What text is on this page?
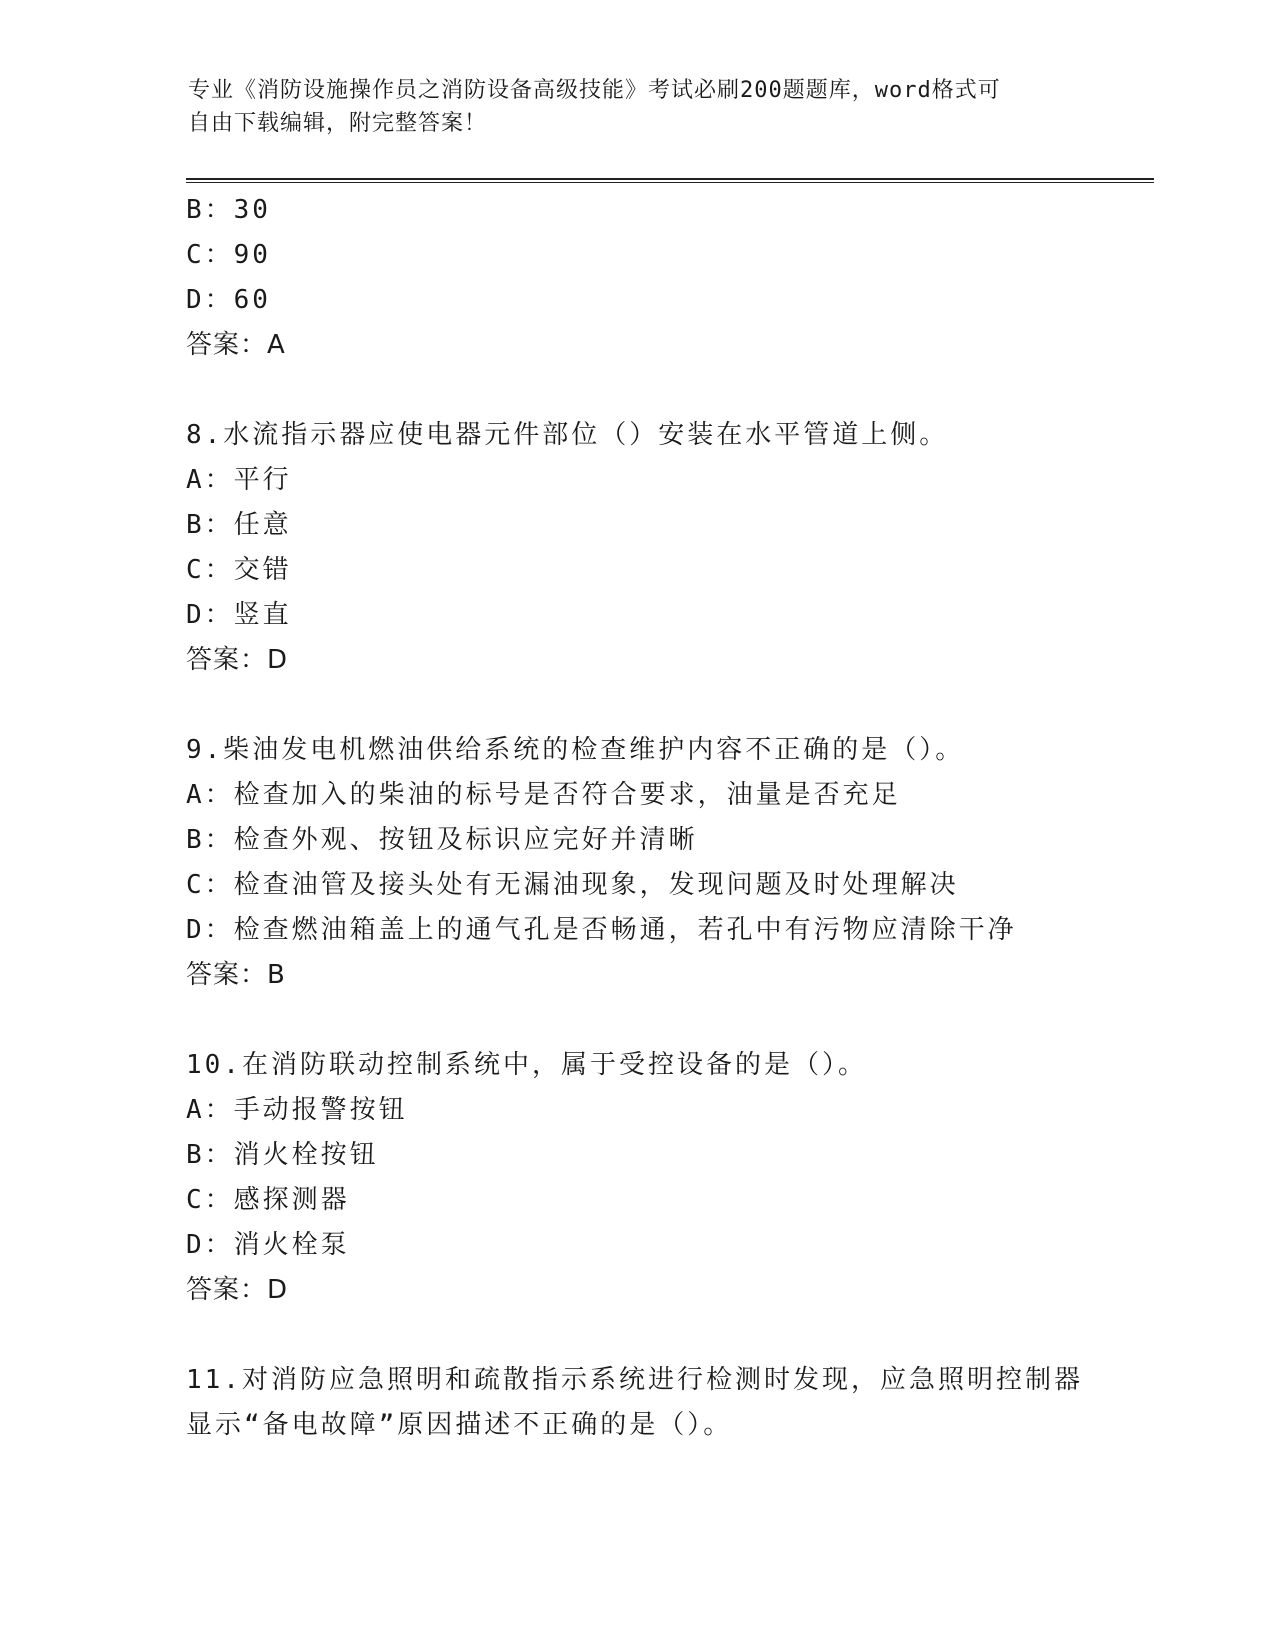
专业《消防设施操作员之消防设备高级技能》考试必刷200题题库，word格式可
自由下载编辑，附完整答案！
B：30
C：90
D：60
答案：A
8.水流指示器应使电器元件部位（）安装在水平管道上侧。
A：平行
B：任意
C：交错
D：竖直
答案：D
9.柴油发电机燃油供给系统的检查维护内容不正确的是（）。
A：检查加入的柴油的标号是否符合要求，油量是否充足
B：检查外观、按钮及标识应完好并清晰
C：检查油管及接头处有无漏油现象，发现问题及时处理解决
D：检查燃油箱盖上的通气孔是否畅通，若孔中有污物应清除干净
答案：B
10.在消防联动控制系统中，属于受控设备的是（）。
A：手动报警按钮
B：消火栓按钮
C：感探测器
D：消火栓泵
答案：D
11.对消防应急照明和疏散指示系统进行检测时发现，应急照明控制器
显示“备电故障”原因描述不正确的是（）。
